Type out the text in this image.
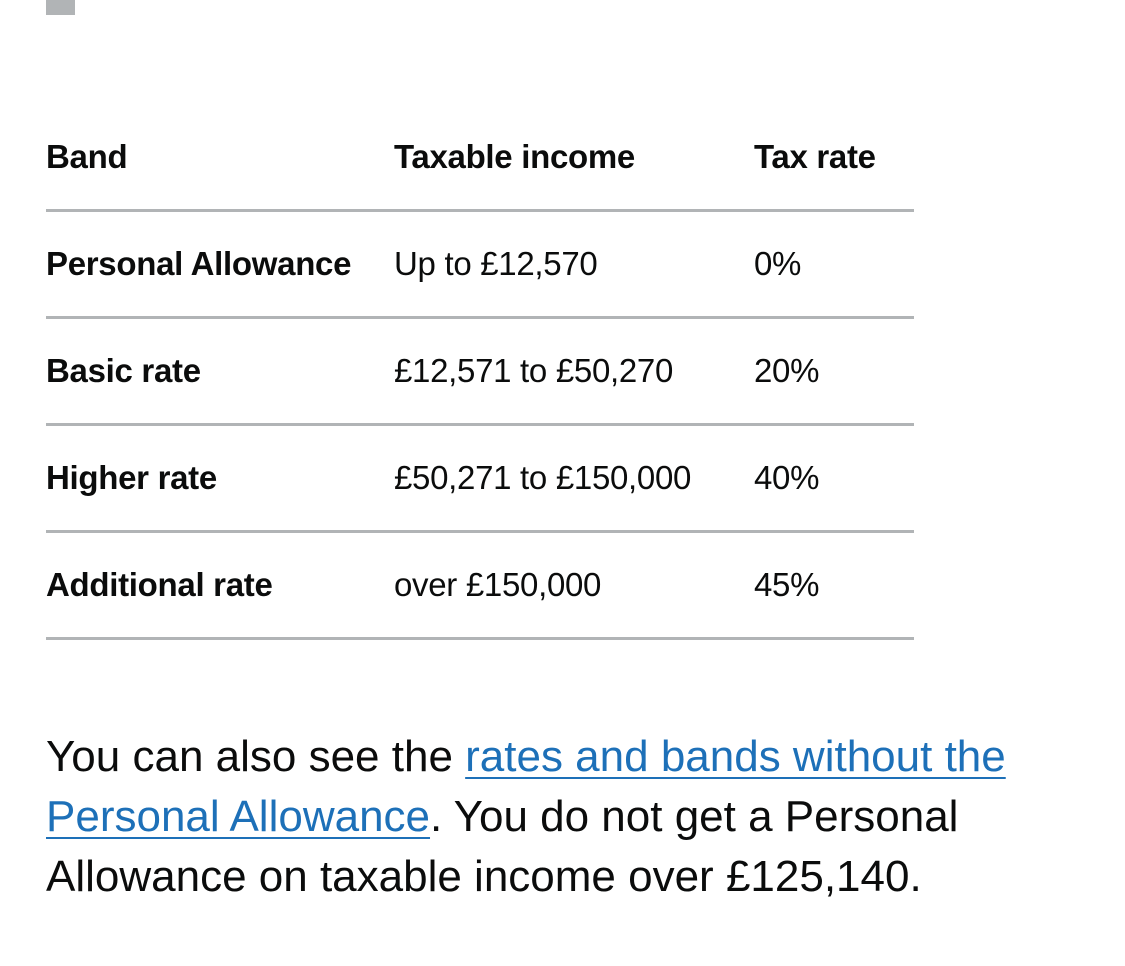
Band	Taxable income	Tax rate
Personal Allowance	Up to £12,570	0%
Basic rate	£12,571 to £50,270	20%
Higher rate	£50,271 to £150,000	40%
Additional rate	over £150,000	45%

You can also see the rates and bands without the Personal Allowance. You do not get a Personal Allowance on taxable income over £125,140.
